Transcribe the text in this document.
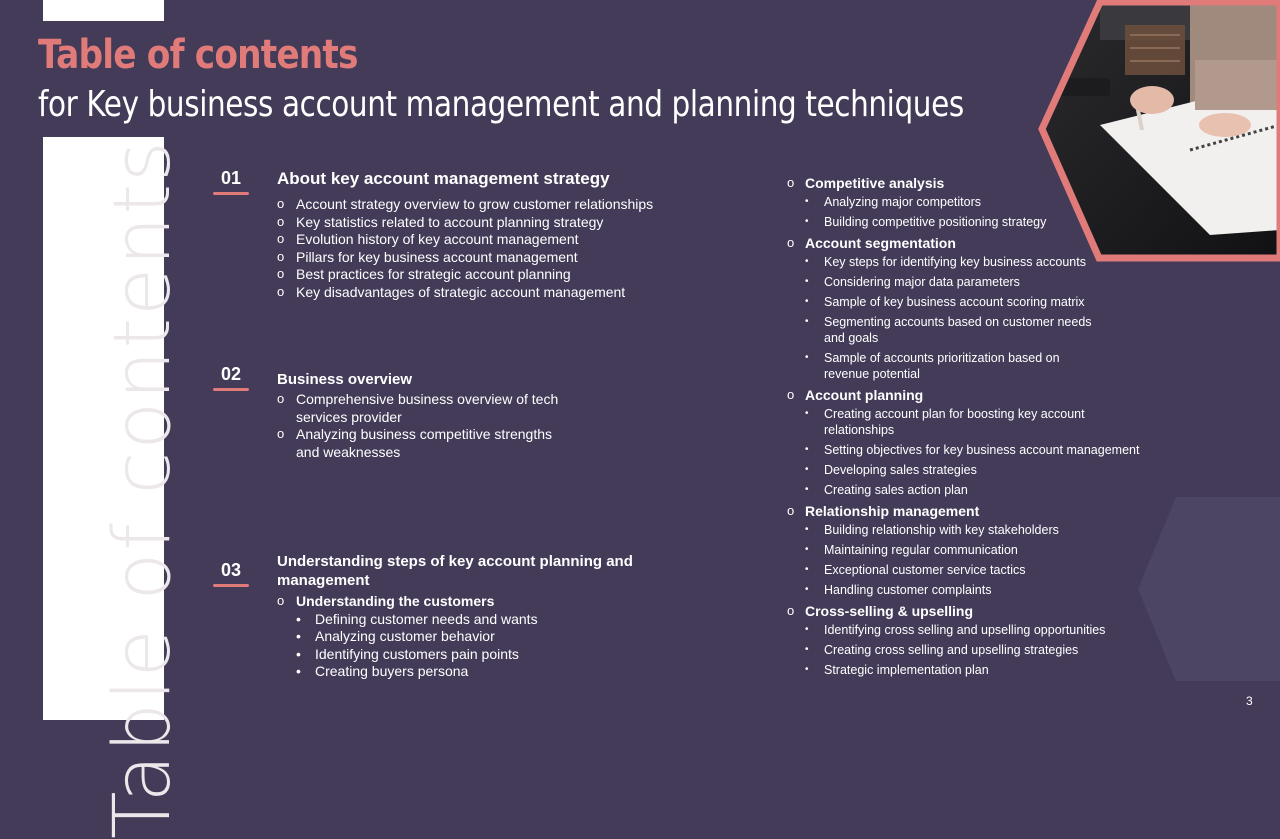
Table of contents
Table of contents
for Key business account management and planning techniques
01	About key account management strategy
o Account strategy overview to grow customer relationships
o Key statistics related to account planning strategy
o Evolution history of key account management
o Pillars for key business account management
o Best practices for strategic account planning
o Key disadvantages of strategic account management
02	Business overview
o Comprehensive business overview of tech services provider
o Analyzing business competitive strengths and weaknesses
03	Understanding steps of key account planning and management
o Understanding the customers
• Defining customer needs and wants
• Analyzing customer behavior
• Identifying customers pain points
• Creating buyers persona
o Competitive analysis
• Analyzing major competitors
• Building competitive positioning strategy
o Account segmentation
• Key steps for identifying key business accounts
• Considering major data parameters
• Sample of key business account scoring matrix
• Segmenting accounts based on customer needs and goals
• Sample of accounts prioritization based on revenue potential
o Account planning
• Creating account plan for boosting key account relationships
• Setting objectives for key business account management
• Developing sales strategies
• Creating sales action plan
o Relationship management
• Building relationship with key stakeholders
• Maintaining regular communication
• Exceptional customer service tactics
• Handling customer complaints
o Cross-selling & upselling
• Identifying cross selling and upselling opportunities
• Creating cross selling and upselling strategies
• Strategic implementation plan
3
